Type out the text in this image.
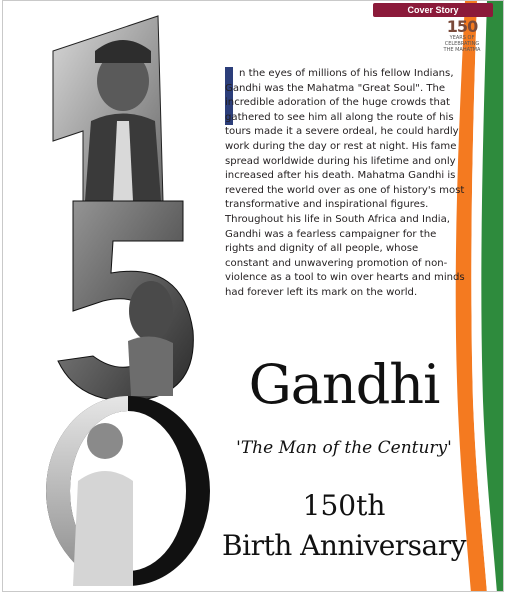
Cover Story
150
YEARS OF CELEBRATING THE MAHATMA
n the eyes of millions of his fellow Indians, Gandhi was the Mahatma "Great Soul". The incredible adoration of the huge crowds that gathered to see him all along the route of his tours made it a severe ordeal, he could hardly work during the day or rest at night. His fame spread worldwide during his lifetime and only increased after his death. Mahatma Gandhi is revered the world over as one of history's most transformative and inspirational figures. Throughout his life in South Africa and India, Gandhi was a fearless campaigner for the rights and dignity of all people, whose constant and unwavering promotion of non-violence as a tool to win over hearts and minds had forever left its mark on the world.
Gandhi
'The Man of the Century'
150th
Birth Anniversary
